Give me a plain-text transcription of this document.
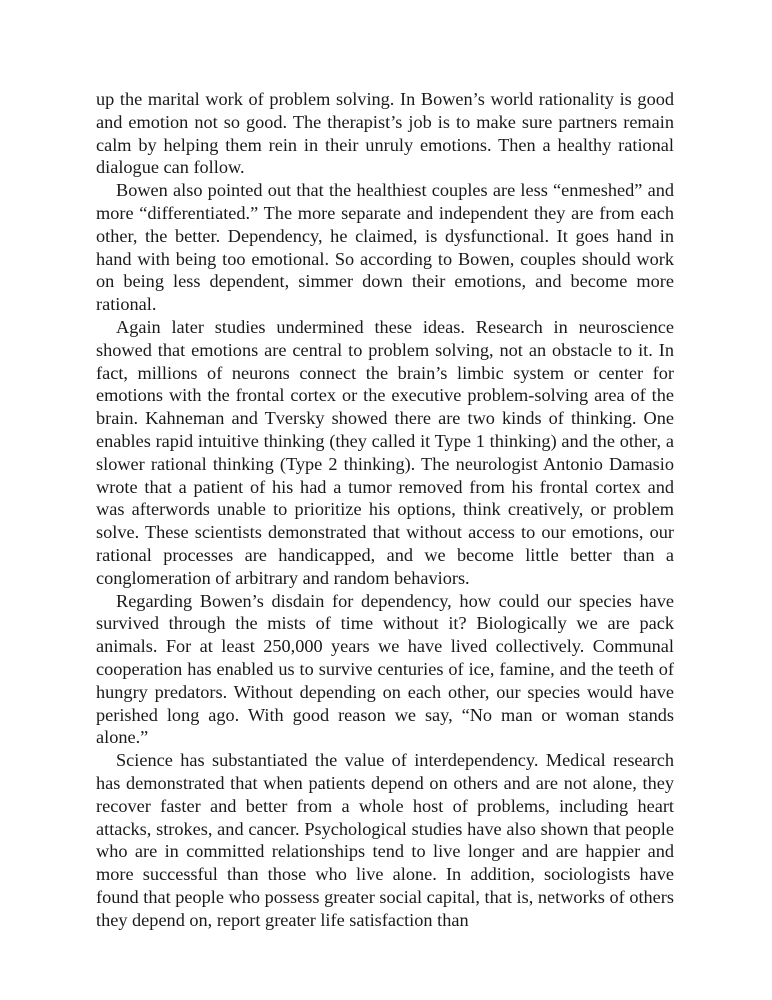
up the marital work of problem solving. In Bowen’s world rationality is good and emotion not so good. The therapist’s job is to make sure partners remain calm by helping them rein in their unruly emotions. Then a healthy rational dialogue can follow.

Bowen also pointed out that the healthiest couples are less “enmeshed” and more “differentiated.” The more separate and independent they are from each other, the better. Dependency, he claimed, is dysfunctional. It goes hand in hand with being too emotional. So according to Bowen, couples should work on being less dependent, simmer down their emotions, and become more rational.

Again later studies undermined these ideas. Research in neuroscience showed that emotions are central to problem solving, not an obstacle to it. In fact, millions of neurons connect the brain’s limbic system or center for emotions with the frontal cortex or the executive problem-solving area of the brain. Kahneman and Tversky showed there are two kinds of thinking. One enables rapid intuitive thinking (they called it Type 1 thinking) and the other, a slower rational thinking (Type 2 thinking). The neurologist Antonio Damasio wrote that a patient of his had a tumor removed from his frontal cortex and was afterwords unable to prioritize his options, think creatively, or problem solve. These scientists demonstrated that without access to our emotions, our rational processes are handicapped, and we become little better than a conglomeration of arbitrary and random behaviors.

Regarding Bowen’s disdain for dependency, how could our species have survived through the mists of time without it? Biologically we are pack animals. For at least 250,000 years we have lived collectively. Communal cooperation has enabled us to survive centuries of ice, famine, and the teeth of hungry predators. Without depending on each other, our species would have perished long ago. With good reason we say, “No man or woman stands alone.”

Science has substantiated the value of interdependency. Medical research has demonstrated that when patients depend on others and are not alone, they recover faster and better from a whole host of problems, including heart attacks, strokes, and cancer. Psychological studies have also shown that people who are in committed relationships tend to live longer and are happier and more successful than those who live alone. In addition, sociologists have found that people who possess greater social capital, that is, networks of others they depend on, report greater life satisfaction than
